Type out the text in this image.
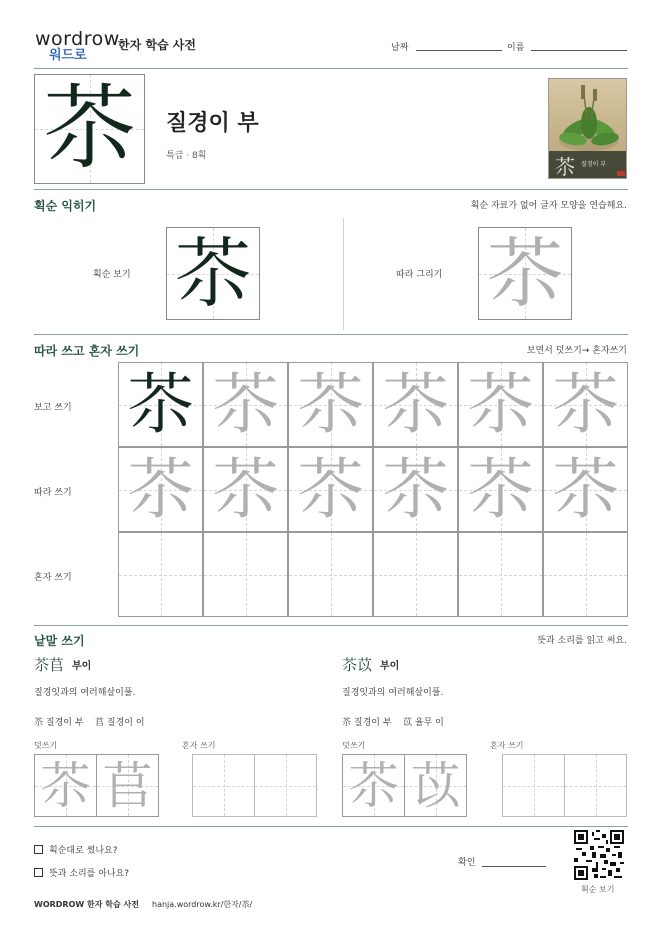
wordrow
워드로
한자 학습 사전	날짜	이름
苶	질경이 부
특급 · 8획	苶 질경이 부
획순 익히기	획순 자료가 없어 글자 모양을 연습해요.
획순 보기 苶	따라 그리기 苶
따라 쓰고 혼자 쓰기	보면서 덧쓰기→ 혼자쓰기
보고 쓰기
따라 쓰기
혼자 쓰기
苶 苶 苶 苶 苶 苶
苶 苶 苶 苶 苶 苶
낱말 쓰기	뜻과 소리를 읽고 써요.
苶苢 부이
질경잇과의 여러해살이풀.
苶 질경이 부 苢 질경이 이
덧쓰기	혼자 쓰기
苶 苢
苶苡 부이
질경잇과의 여러해살이풀.
苶 질경이 부 苡 율무 이
덧쓰기	혼자 쓰기
苶 苡
획순대로 썼나요?
뜻과 소리를 아나요?
확인
획순 보기
WORDROW 한자 학습 사전 hanja.wordrow.kr/한자/苶/
